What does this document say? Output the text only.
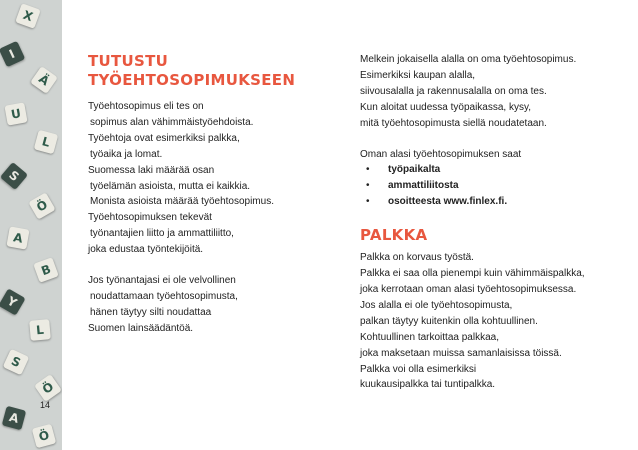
X
I
Ä
U
L
S
Ö
A
B
Y
L
S
Ö
A
Ö
14
TUTUSTU
TYÖEHTOSOPIMUKSEEN
Työehtosopimus eli tes on
sopimus alan vähimmäistyöehdoista.
Työehtoja ovat esimerkiksi palkka,
työaika ja lomat.
Suomessa laki määrää osan
työelämän asioista, mutta ei kaikkia.
Monista asioista määrää työehtosopimus.
Työehtosopimuksen tekevät
työnantajien liitto ja ammattiliitto,
joka edustaa työntekijöitä.
Jos työnantajasi ei ole velvollinen
noudattamaan työehtosopimusta,
hänen täytyy silti noudattaa
Suomen lainsäädäntöä.
Melkein jokaisella alalla on oma työehtosopimus.
Esimerkiksi kaupan alalla,
siivousalalla ja rakennusalalla on oma tes.
Kun aloitat uudessa työpaikassa, kysy,
mitä työehtosopimusta siellä noudatetaan.
Oman alasi työehtosopimuksen saat
• työpaikalta
• ammattiliitosta
• osoitteesta www.finlex.fi.
PALKKA
Palkka on korvaus työstä.
Palkka ei saa olla pienempi kuin vähimmäispalkka,
joka kerrotaan oman alasi työehtosopimuksessa.
Jos alalla ei ole työehtosopimusta,
palkan täytyy kuitenkin olla kohtuullinen.
Kohtuullinen tarkoittaa palkkaa,
joka maksetaan muissa samanlaisissa töissä.
Palkka voi olla esimerkiksi
kuukausipalkka tai tuntipalkka.
